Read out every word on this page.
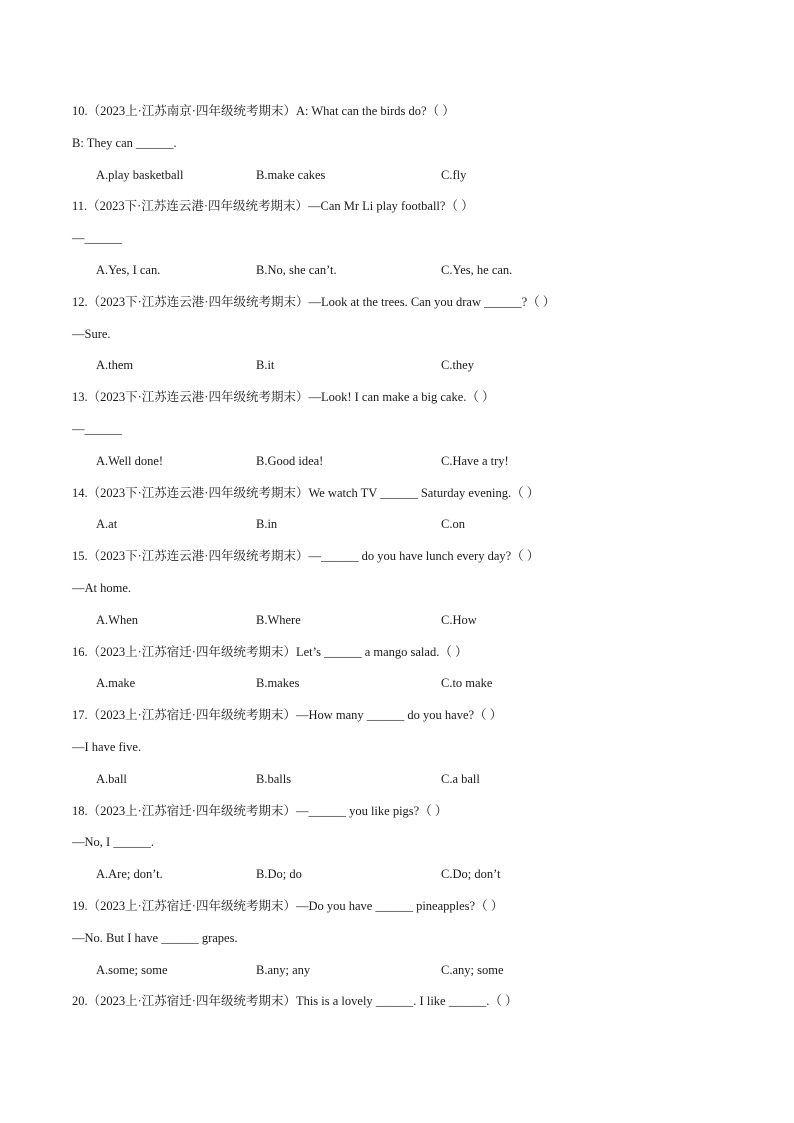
10.（2023上·江苏南京·四年级统考期末）A: What can the birds do?（ ）
B: They can ______.
A.play basketball	B.make cakes	C.fly
11.（2023下·江苏连云港·四年级统考期末）—Can Mr Li play football?（ ）
—______
A.Yes, I can.	B.No, she can’t.	C.Yes, he can.
12.（2023下·江苏连云港·四年级统考期末）—Look at the trees. Can you draw ______?（ ）
—Sure.
A.them	B.it	C.they
13.（2023下·江苏连云港·四年级统考期末）—Look! I can make a big cake.（ ）
—______
A.Well done!	B.Good idea!	C.Have a try!
14.（2023下·江苏连云港·四年级统考期末）We watch TV ______ Saturday evening.（ ）
A.at	B.in	C.on
15.（2023下·江苏连云港·四年级统考期末）—______ do you have lunch every day?（ ）
—At home.
A.When	B.Where	C.How
16.（2023上·江苏宿迁·四年级统考期末）Let’s ______ a mango salad.（ ）
A.make	B.makes	C.to make
17.（2023上·江苏宿迁·四年级统考期末）—How many ______ do you have?（ ）
—I have five.
A.ball	B.balls	C.a ball
18.（2023上·江苏宿迁·四年级统考期末）—______ you like pigs?（ ）
—No, I ______.
A.Are; don’t.	B.Do; do	C.Do; don’t
19.（2023上·江苏宿迁·四年级统考期末）—Do you have ______ pineapples?（ ）
—No. But I have ______ grapes.
A.some; some	B.any; any	C.any; some
20.（2023上·江苏宿迁·四年级统考期末）This is a lovely ______. I like ______.（ ）
